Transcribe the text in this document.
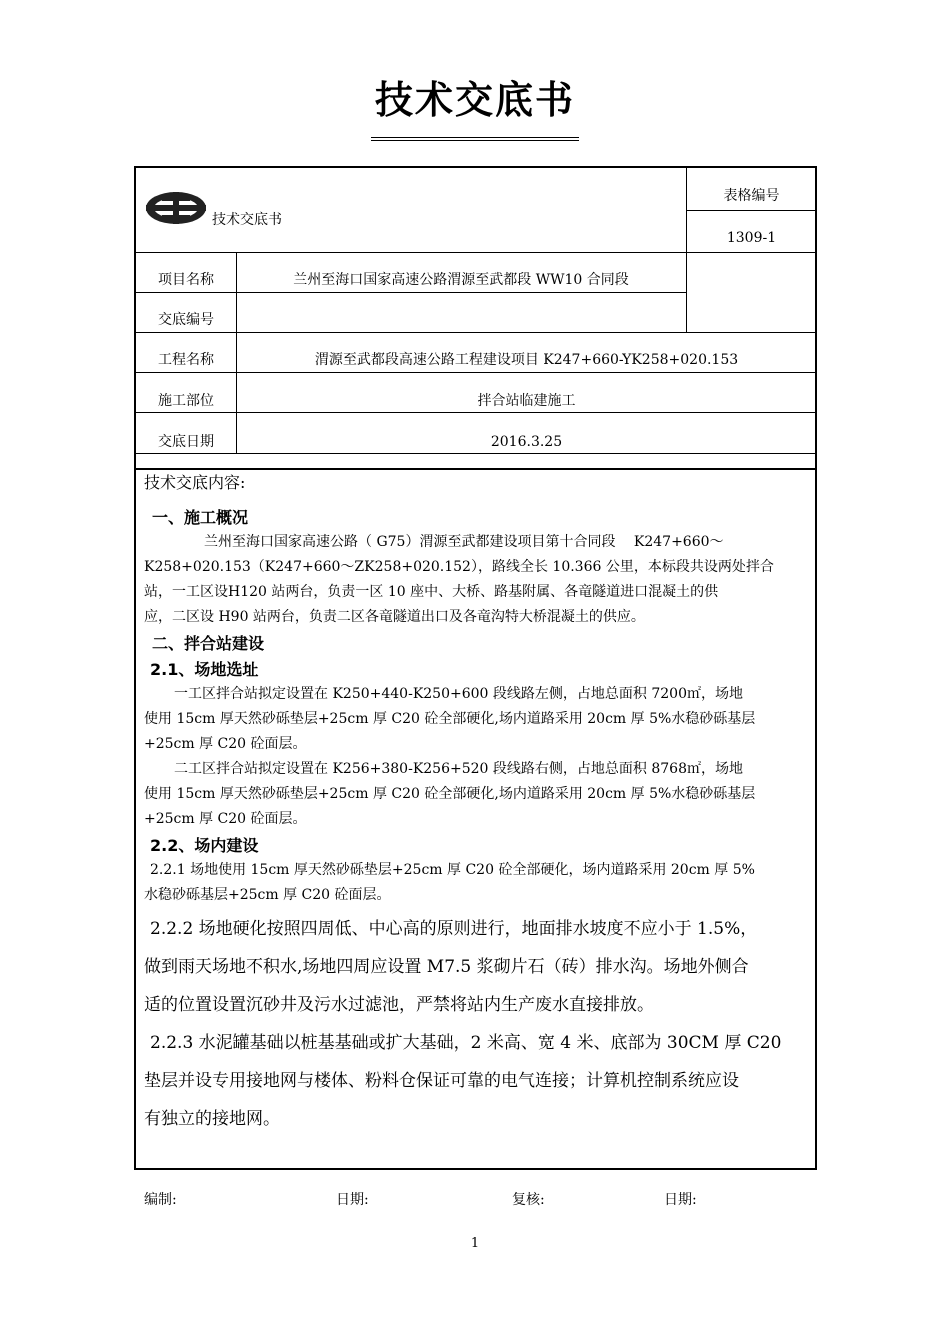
技术交底书
技术交底书
表格编号
1309-1
项目名称	兰州至海口国家高速公路渭源至武都段 WW10 合同段
交底编号
工程名称	渭源至武都段高速公路工程建设项目 K247+660-YK258+020.153
施工部位	拌合站临建施工
交底日期	2016.3.25

技术交底内容:

一、施工概况

兰州至海口国家高速公路（ G75）渭源至武都建设项目第十合同段　 K247+660～
K258+020.153（K247+660～ZK258+020.152），路线全长 10.366 公里，本标段共设两处拌合
站，一工区设H120 站两台，负责一区 10 座中、大桥、路基附属、各竜隧道进口混凝土的供
应，二区设 H90 站两台，负责二区各竜隧道出口及各竜沟特大桥混凝土的供应。

二、拌合站建设

2.1、场地选址

一工区拌合站拟定设置在 K250+440-K250+600 段线路左侧，占地总面积 7200㎡，场地
使用 15cm 厚天然砂砾垫层+25cm 厚 C20 砼全部硬化,场内道路采用 20cm 厚 5%水稳砂砾基层
+25cm 厚 C20 砼面层。
二工区拌合站拟定设置在 K256+380-K256+520 段线路右侧，占地总面积 8768㎡，场地
使用 15cm 厚天然砂砾垫层+25cm 厚 C20 砼全部硬化,场内道路采用 20cm 厚 5%水稳砂砾基层
+25cm 厚 C20 砼面层。

2.2、场内建设

2.2.1 场地使用 15cm 厚天然砂砾垫层+25cm 厚 C20 砼全部硬化，场内道路采用 20cm 厚 5%
水稳砂砾基层+25cm 厚 C20 砼面层。
2.2.2 场地硬化按照四周低、中心高的原则进行，地面排水坡度不应小于 1.5%，
做到雨天场地不积水,场地四周应设置 M7.5 浆砌片石（砖）排水沟。场地外侧合
适的位置设置沉砂井及污水过滤池，严禁将站内生产废水直接排放。
2.2.3 水泥罐基础以桩基基础或扩大基础，2 米高、宽 4 米、底部为 30CM 厚 C20
垫层并设专用接地网与楼体、粉料仓保证可靠的电气连接；计算机控制系统应设
有独立的接地网。
编制:	日期:	复核:	日期:
1
